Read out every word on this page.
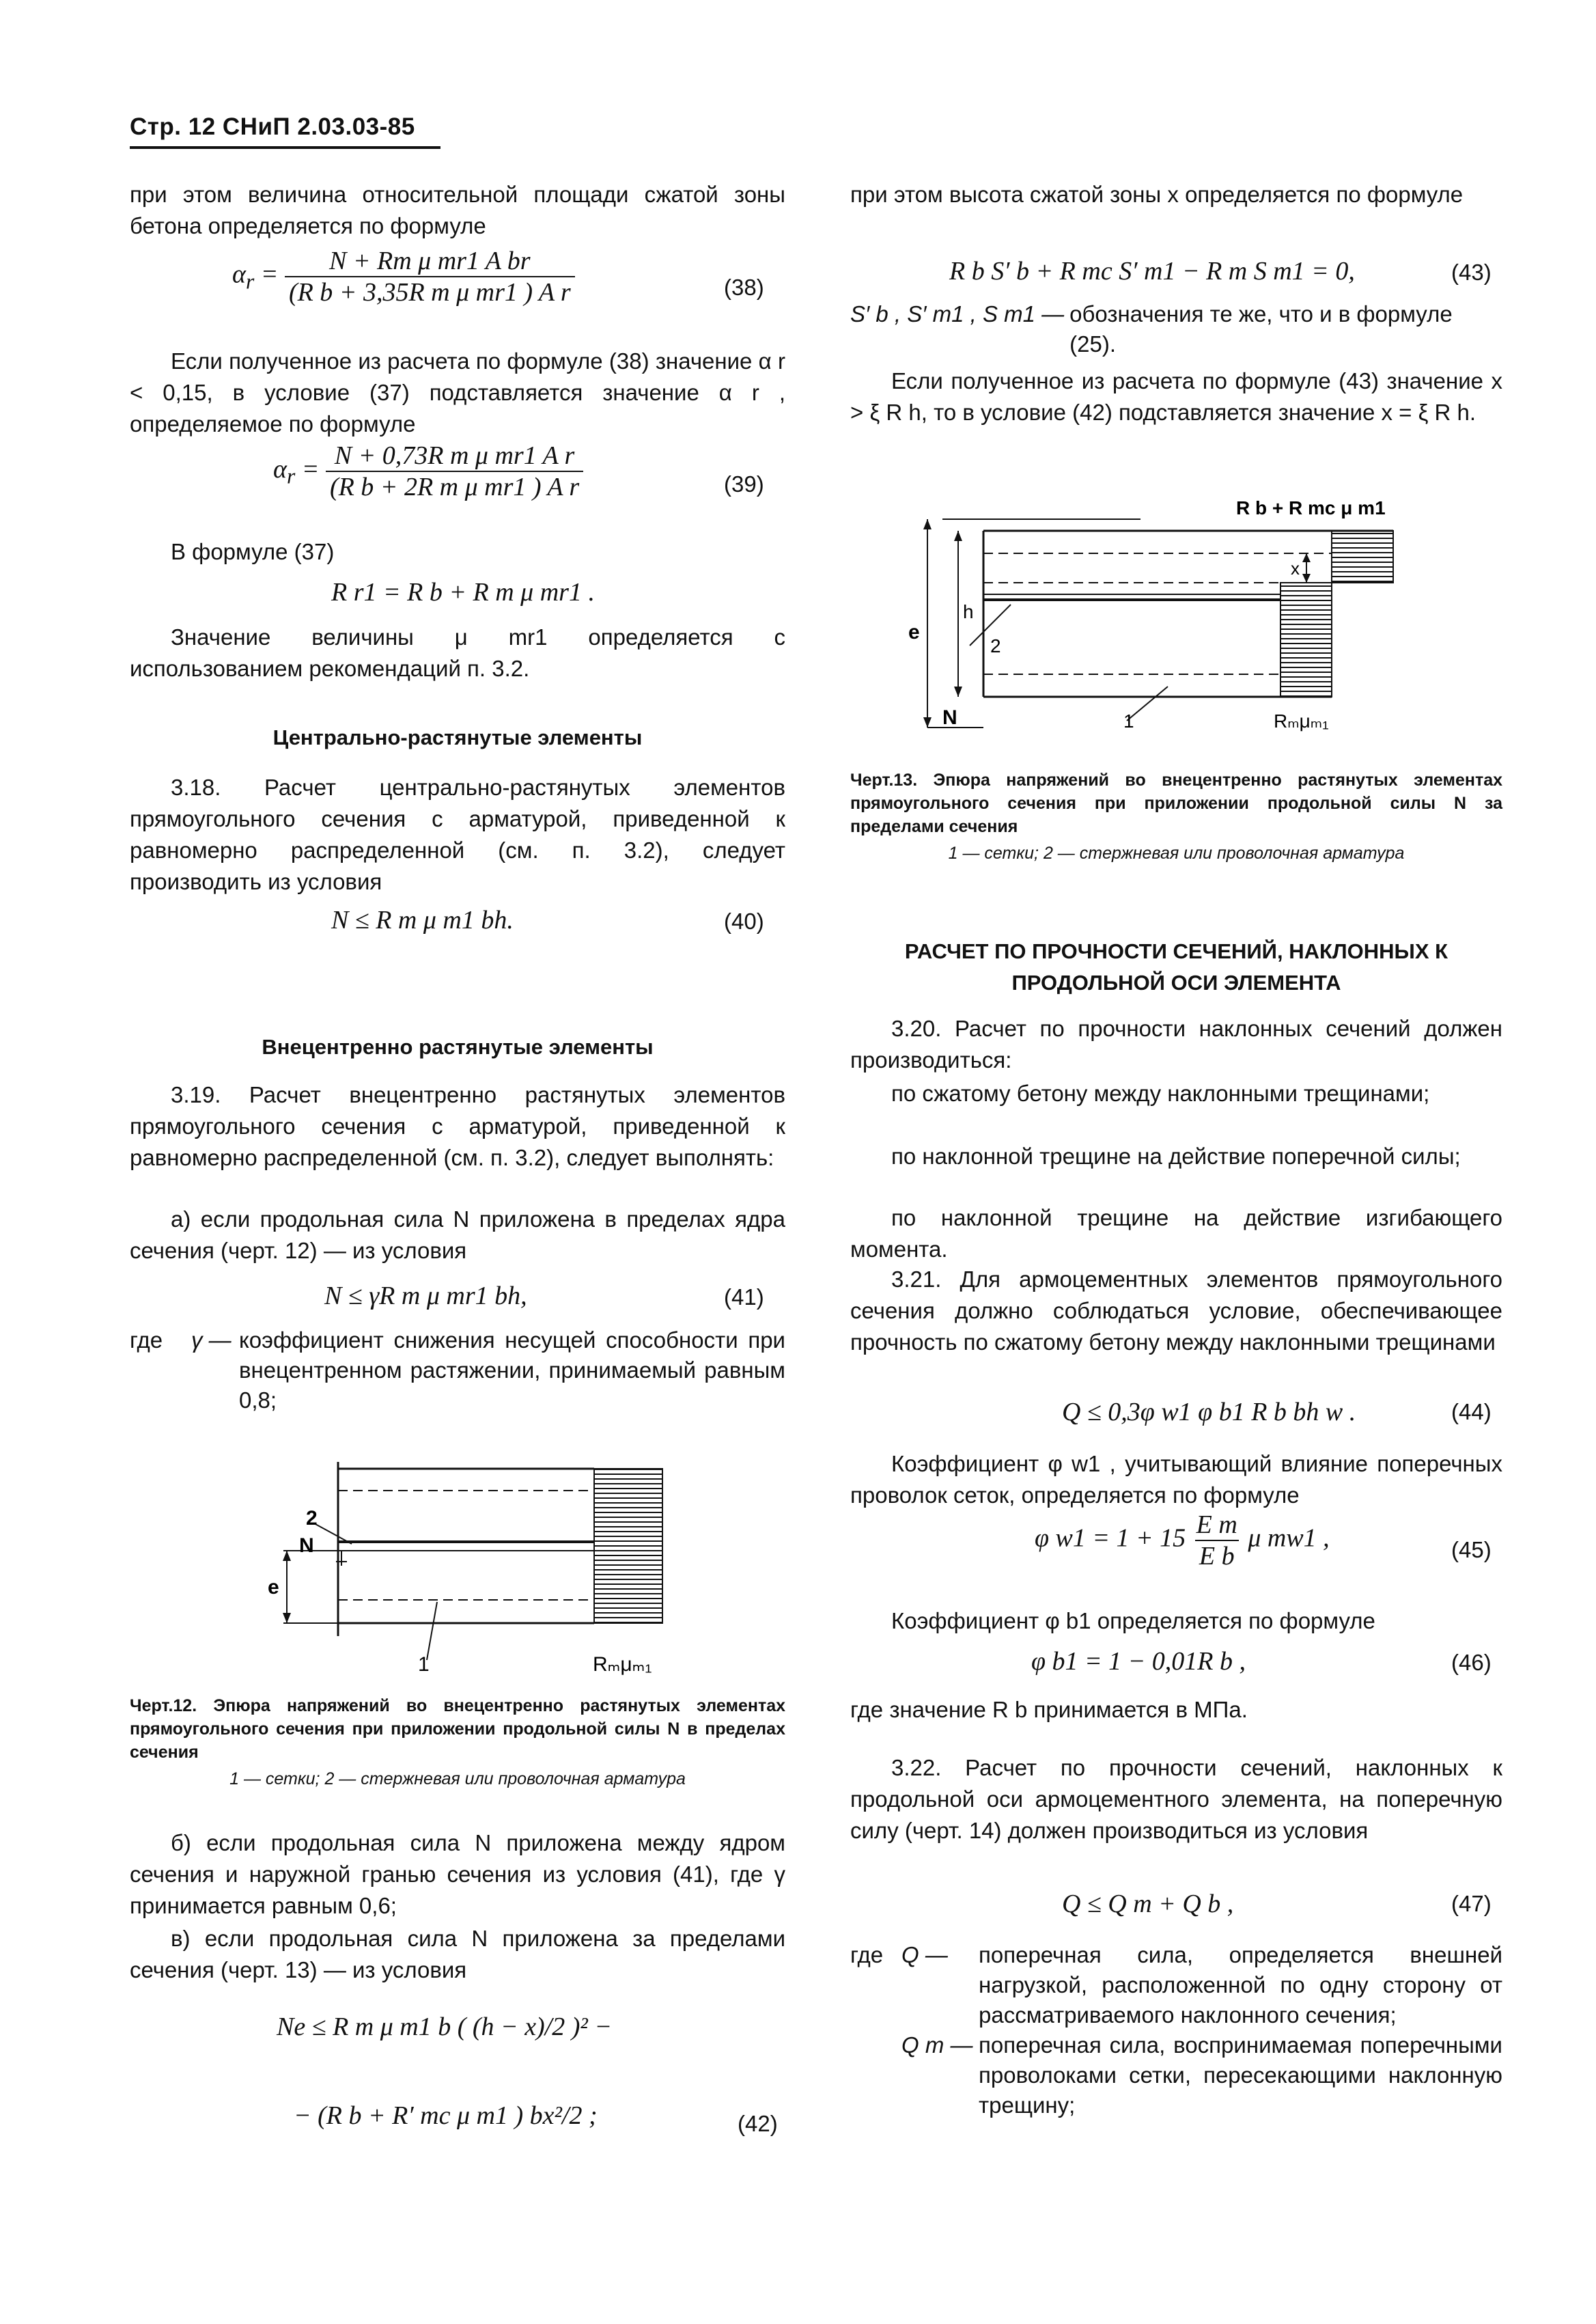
Стр. 12 СНиП 2.03.03-85
при этом величина относительной площади сжатой зоны бетона определяется по формуле
$\alpha_r = \frac{\text{N + Rm μ mr1 A br}}{\text{(R b + 3,35R m μ mr1 ) A r}}$	(38)
Если полученное из расчета по формуле (38) значение α r < 0,15, в условие (37) подставляется значение α r , определяемое по формуле
$\alpha_r = \frac{\text{N + 0,73R m μ mr1 A r}}{\text{(R b + 2R m μ mr1 ) A r}}$	(39)
В формуле (37)
R r1 = R b + R m μ mr1 .
Значение величины μ mr1 определяется с использованием рекомендаций п. 3.2.
Центрально-растянутые элементы
3.18. Расчет центрально-растянутых элементов прямоугольного сечения с арматурой, приведенной к равномерно распределенной (см. п. 3.2), следует производить из условия
N ≤ R m μ m1 bh.	(40)
Внецентренно растянутые элементы
3.19. Расчет внецентренно растянутых элементов прямоугольного сечения с арматурой, приведенной к равномерно распределенной (см. п. 3.2), следует выполнять:
а) если продольная сила N приложена в пределах ядра сечения (черт. 12) — из условия
N ≤ γR m μ mr1 bh,	(41)
где	γ —	коэффициент снижения несущей способности при внецентренном растяжении, принимаемый равным 0,8;
2
N
e
1	Rₘμₘ₁
Черт.12. Эпюра напряжений во внецентренно растянутых элементах прямоугольного сечения при приложении продольной силы N в пределах сечения
1 — сетки; 2 — стержневая или проволочная арматура
б) если продольная сила N приложена между ядром сечения и наружной гранью сечения из условия (41), где γ принимается равным 0,6;
в) если продольная сила N приложена за пределами сечения (черт. 13) — из условия
Ne ≤ R m μ m1 b ( (h − x)/2 )² −
− (R b + R′ mc μ m1 ) bx²/2 ;	(42)
при этом высота сжатой зоны x определяется по формуле
R b S′ b + R mc S′ m1 − R m S m1 = 0,	(43)
S′ b , S′ m1 , S m1 —	обозначения те же, что и в формуле (25).
Если полученное из расчета по формуле (43) значение x > ξ R h, то в условие (42) подставляется значение x = ξ R h.
R b + R mc μ m1
x
h
e
2
N	1	Rₘμₘ₁
Черт.13. Эпюра напряжений во внецентренно растянутых элементах прямоугольного сечения при приложении продольной силы N за пределами сечения
1 — сетки; 2 — стержневая или проволочная арматура
РАСЧЕТ ПО ПРОЧНОСТИ СЕЧЕНИЙ, НАКЛОННЫХ К ПРОДОЛЬНОЙ ОСИ ЭЛЕМЕНТА
3.20. Расчет по прочности наклонных сечений должен производиться:
по сжатому бетону между наклонными трещинами;
по наклонной трещине на действие поперечной силы;
по наклонной трещине на действие изгибающего момента.
3.21. Для армоцементных элементов прямоугольного сечения должно соблюдаться условие, обеспечивающее прочность по сжатому бетону между наклонными трещинами
Q ≤ 0,3φ w1 φ b1 R b bh w .	(44)
Коэффициент φ w1 , учитывающий влияние поперечных проволок сеток, определяется по формуле
φ $w1 = 1 + 15 \frac{\text{E m}}{\text{E b}}$ μ mw1 ,	(45)
Коэффициент φ b1 определяется по формуле
φ b1 = 1 − 0,01R b ,	(46)
где значение R b принимается в МПа.
3.22. Расчет по прочности сечений, наклонных к продольной оси армоцементного элемента, на поперечную силу (черт. 14) должен производиться из условия
Q ≤ Q m + Q b ,	(47)
где	Q —	поперечная сила, определяется внешней нагрузкой, расположенной по одну сторону от рассматриваемого наклонного сечения;
	Q m —	поперечная сила, воспринимаемая поперечными проволоками сетки, пересекающими наклонную трещину;
